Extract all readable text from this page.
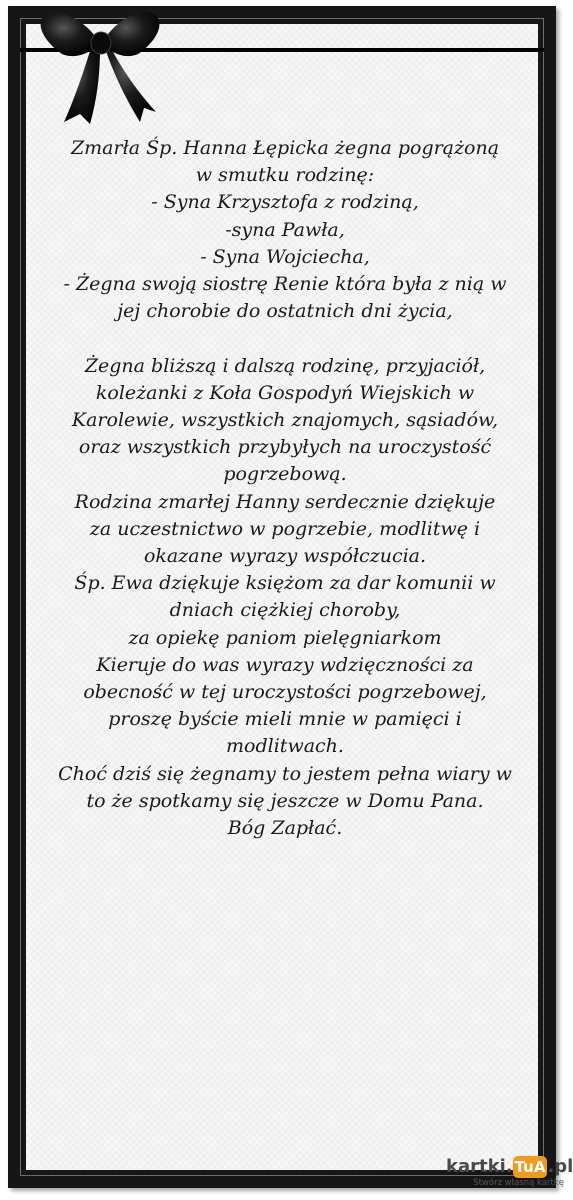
Zmarła Śp. Hanna Łępicka żegna pogrążoną
w smutku rodzinę:
- Syna Krzysztofa z rodziną,
-syna Pawła,
- Syna Wojciecha,
- Żegna swoją siostrę Renie która była z nią w
jej chorobie do ostatnich dni życia,

Żegna bliższą i dalszą rodzinę, przyjaciół,
koleżanki z Koła Gospodyń Wiejskich w
Karolewie, wszystkich znajomych, sąsiadów,
oraz wszystkich przybyłych na uroczystość
pogrzebową.
Rodzina zmarłej Hanny serdecznie dziękuje
za uczestnictwo w pogrzebie, modlitwę i
okazane wyrazy współczucia.
Śp. Ewa dziękuje księżom za dar komunii w
dniach ciężkiej choroby,
za opiekę paniom pielęgniarkom
Kieruje do was wyrazy wdzięczności za
obecność w tej uroczystości pogrzebowej,
proszę byście mieli mnie w pamięci i
modlitwach.
Choć dziś się żegnamy to jestem pełna wiary w
to że spotkamy się jeszcze w Domu Pana.
Bóg Zapłać.

kartki. TuA .pl
Stwórz własną kartkę
